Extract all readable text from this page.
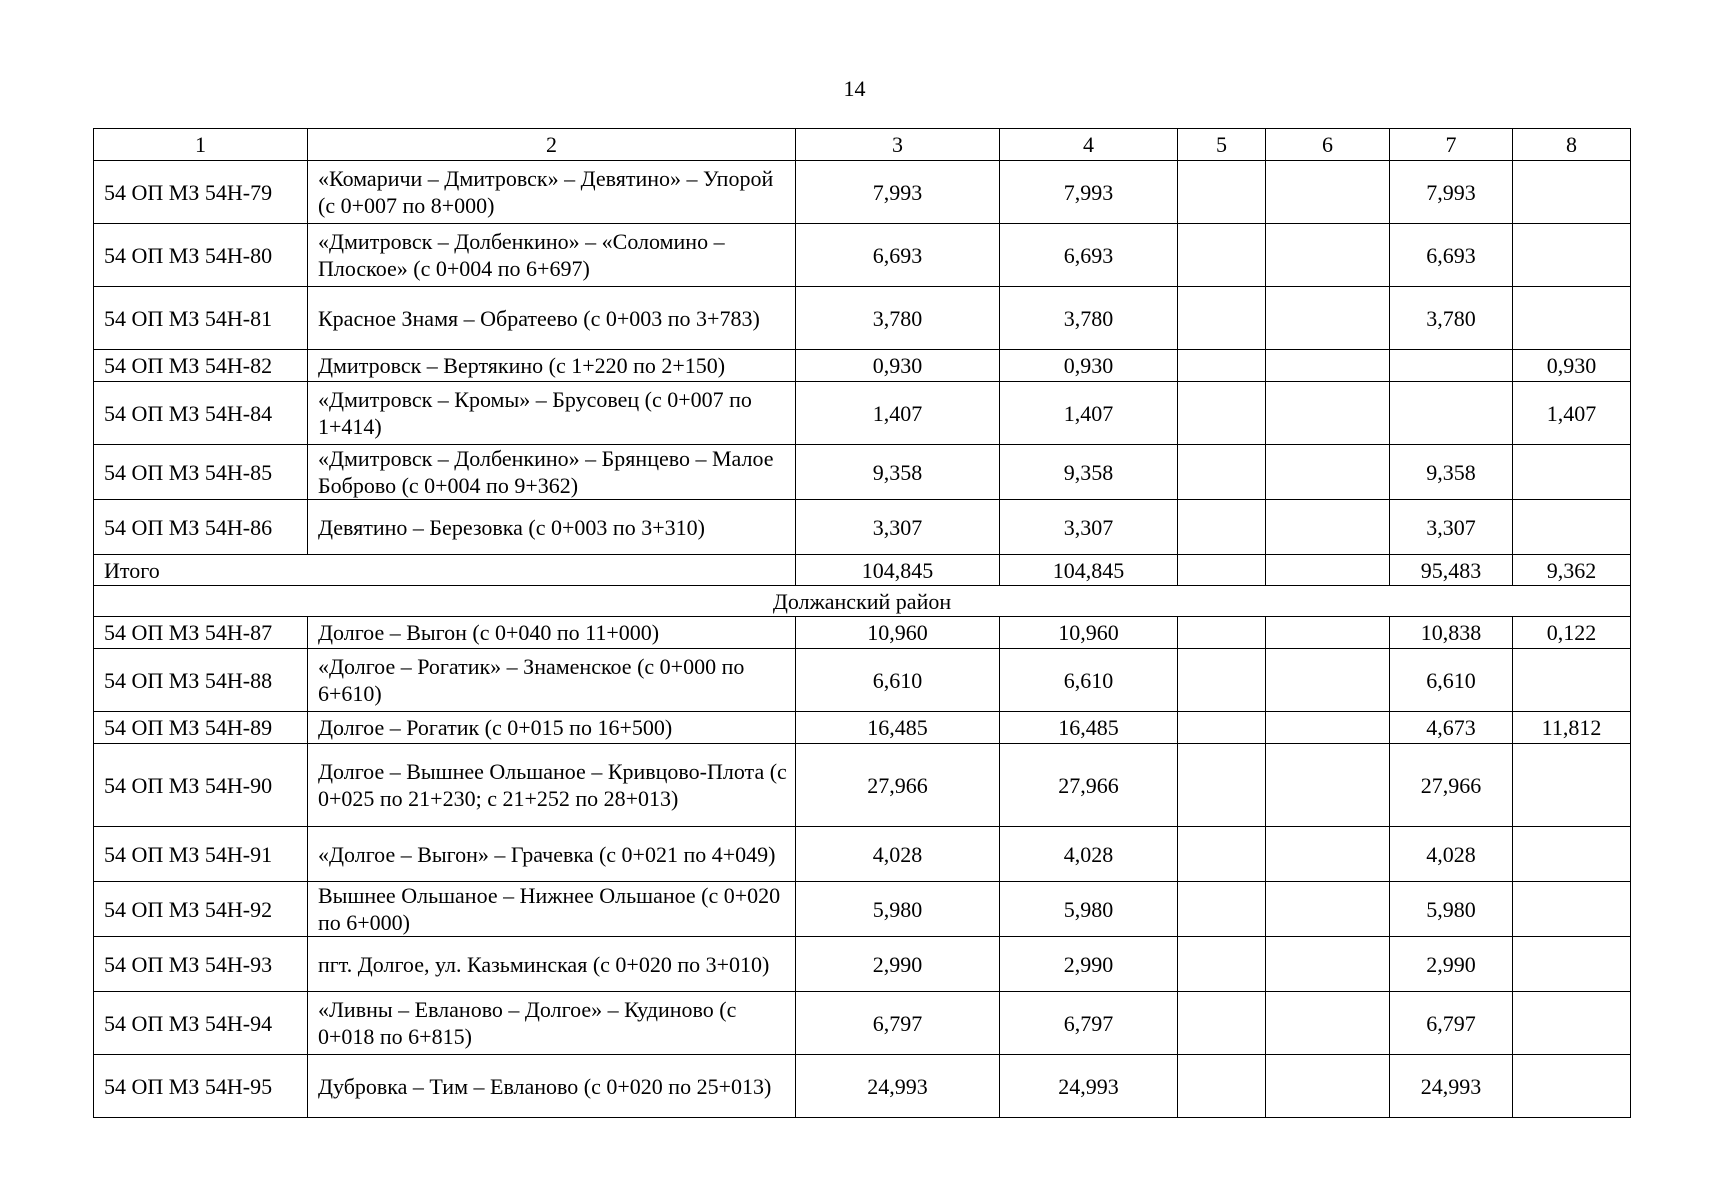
14
1	2	3	4	5	6	7	8
54 ОП МЗ 54Н-79	«Комаричи – Дмитровск» – Девятино» – Упорой (с 0+007 по 8+000)	7,993	7,993			7,993	
54 ОП МЗ 54Н-80	«Дмитровск – Долбенкино» – «Соломино – Плоское» (с 0+004 по 6+697)	6,693	6,693			6,693	
54 ОП МЗ 54Н-81	Красное Знамя – Обратеево (с 0+003 по 3+783)	3,780	3,780			3,780	
54 ОП МЗ 54Н-82	Дмитровск – Вертякино (с 1+220 по 2+150)	0,930	0,930				0,930
54 ОП МЗ 54Н-84	«Дмитровск – Кромы» – Брусовец (с 0+007 по 1+414)	1,407	1,407				1,407
54 ОП МЗ 54Н-85	«Дмитровск – Долбенкино» – Брянцево – Малое Боброво (с 0+004 по 9+362)	9,358	9,358			9,358	
54 ОП МЗ 54Н-86	Девятино – Березовка (с 0+003 по 3+310)	3,307	3,307			3,307	
Итого		104,845	104,845			95,483	9,362
Должанский район							
54 ОП МЗ 54Н-87	Долгое – Выгон (с 0+040 по 11+000)	10,960	10,960			10,838	0,122
54 ОП МЗ 54Н-88	«Долгое – Рогатик» – Знаменское (с 0+000 по 6+610)	6,610	6,610			6,610	
54 ОП МЗ 54Н-89	Долгое – Рогатик (с 0+015 по 16+500)	16,485	16,485			4,673	11,812
54 ОП МЗ 54Н-90	Долгое – Вышнее Ольшаное – Кривцово-Плота (с 0+025 по 21+230; с 21+252 по 28+013)	27,966	27,966			27,966	
54 ОП МЗ 54Н-91	«Долгое – Выгон» – Грачевка (с 0+021 по 4+049)	4,028	4,028			4,028	
54 ОП МЗ 54Н-92	Вышнее Ольшаное – Нижнее Ольшаное (с 0+020 по 6+000)	5,980	5,980			5,980	
54 ОП МЗ 54Н-93	пгт. Долгое, ул. Казьминская (с 0+020 по 3+010)	2,990	2,990			2,990	
54 ОП МЗ 54Н-94	«Ливны – Евланово – Долгое» – Кудиново (с 0+018 по 6+815)	6,797	6,797			6,797	
54 ОП МЗ 54Н-95	Дубровка – Тим – Евланово (с 0+020 по 25+013)	24,993	24,993			24,993	
